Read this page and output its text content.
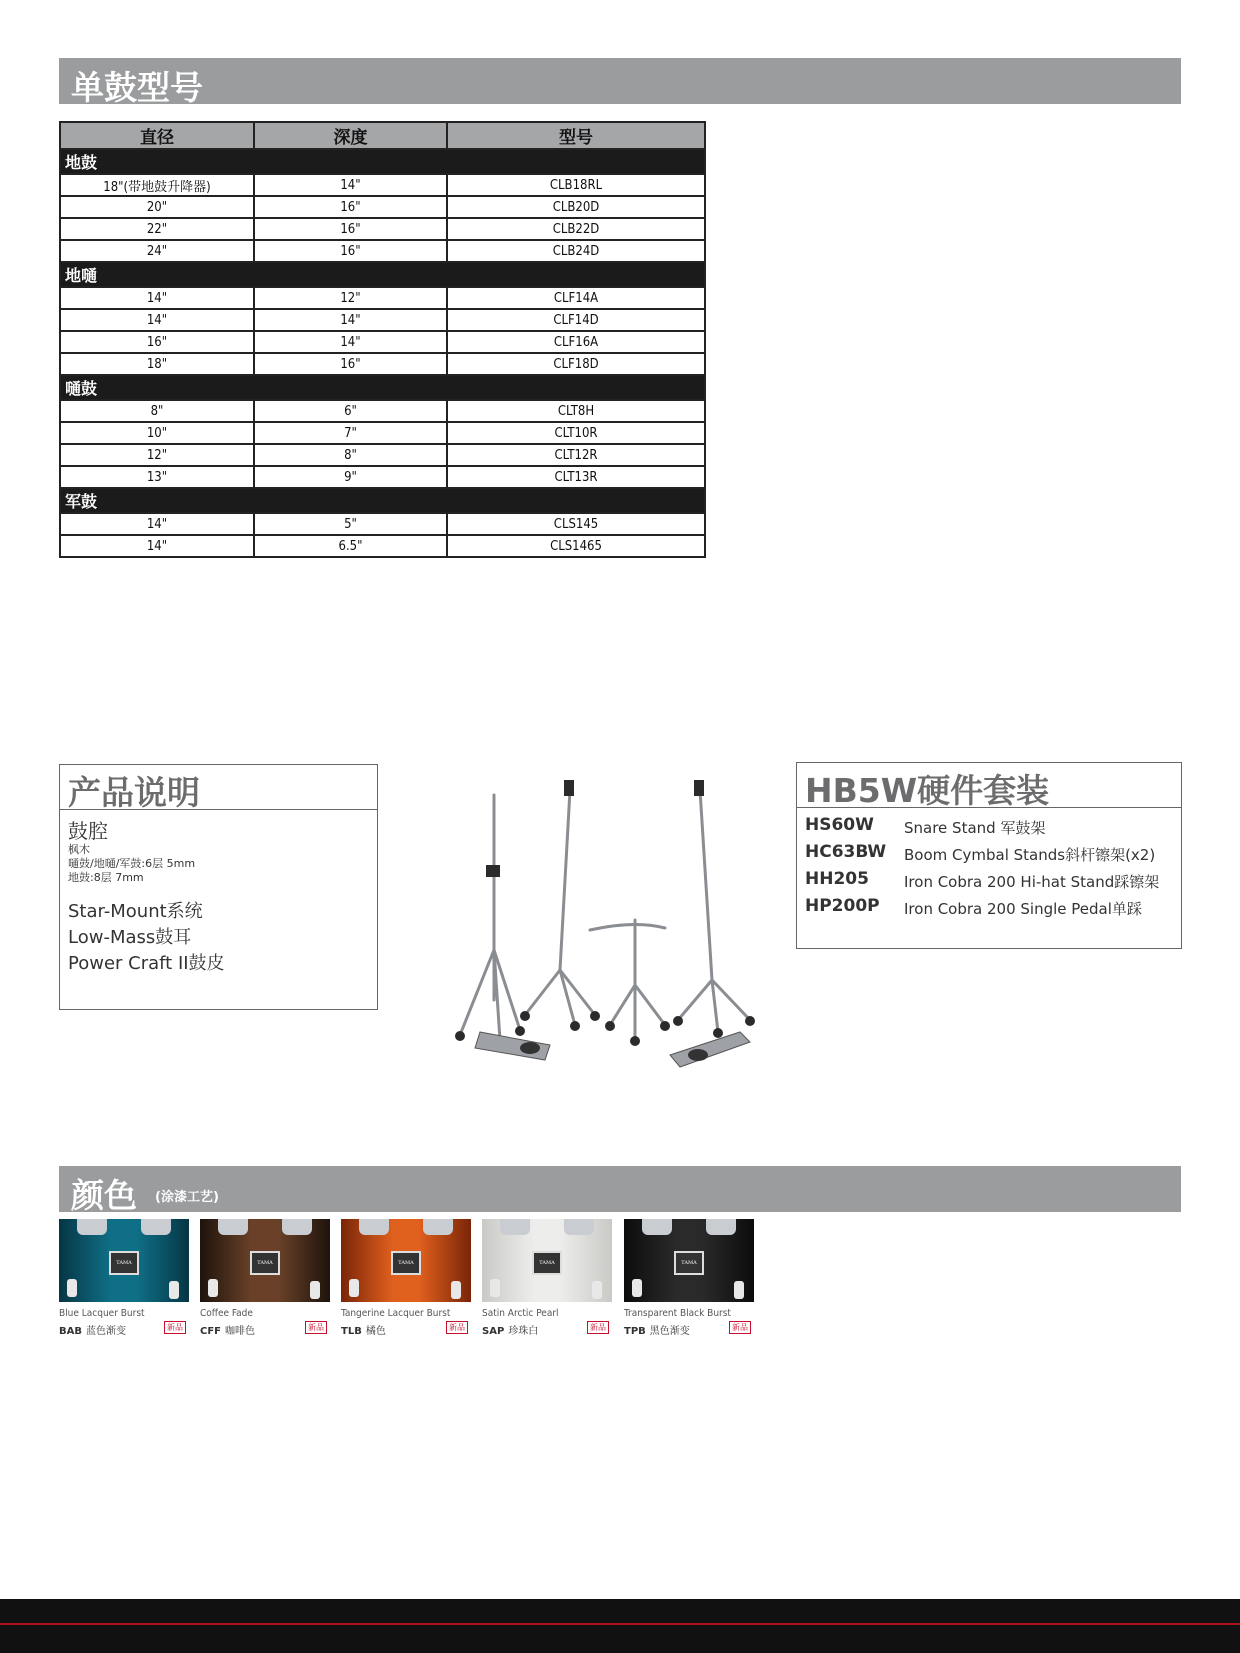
单鼓型号
直径	深度	型号
地鼓		
18"(带地鼓升降器)	14"	CLB18RL
20"	16"	CLB20D
22"	16"	CLB22D
24"	16"	CLB24D
地嗵		
14"	12"	CLF14A
14"	14"	CLF14D
16"	14"	CLF16A
18"	16"	CLF18D
嗵鼓		
8"	6"	CLT8H
10"	7"	CLT10R
12"	8"	CLT12R
13"	9"	CLT13R
军鼓		
14"	5"	CLS145
14"	6.5"	CLS1465
产品说明
鼓腔
枫木
嗵鼓/地嗵/军鼓:6层 5mm
地鼓:8层 7mm
Star-Mount系统
Low-Mass鼓耳
Power Craft II鼓皮
HB5W硬件套装
HS60W Snare Stand 军鼓架
HC63BW Boom Cymbal Stands斜杆镲架(x2)
HH205 Iron Cobra 200 Hi-hat Stand踩镲架
HP200P Iron Cobra 200 Single Pedal单踩
颜色 (涂漆工艺)
TAMA
Blue Lacquer Burst
BAB 蓝色渐变	新品
TAMA
Coffee Fade
CFF 咖啡色	新品
TAMA
Tangerine Lacquer Burst
TLB 橘色	新品
TAMA
Satin Arctic Pearl
SAP 珍珠白	新品
TAMA
Transparent Black Burst
TPB 黑色渐变	新品
